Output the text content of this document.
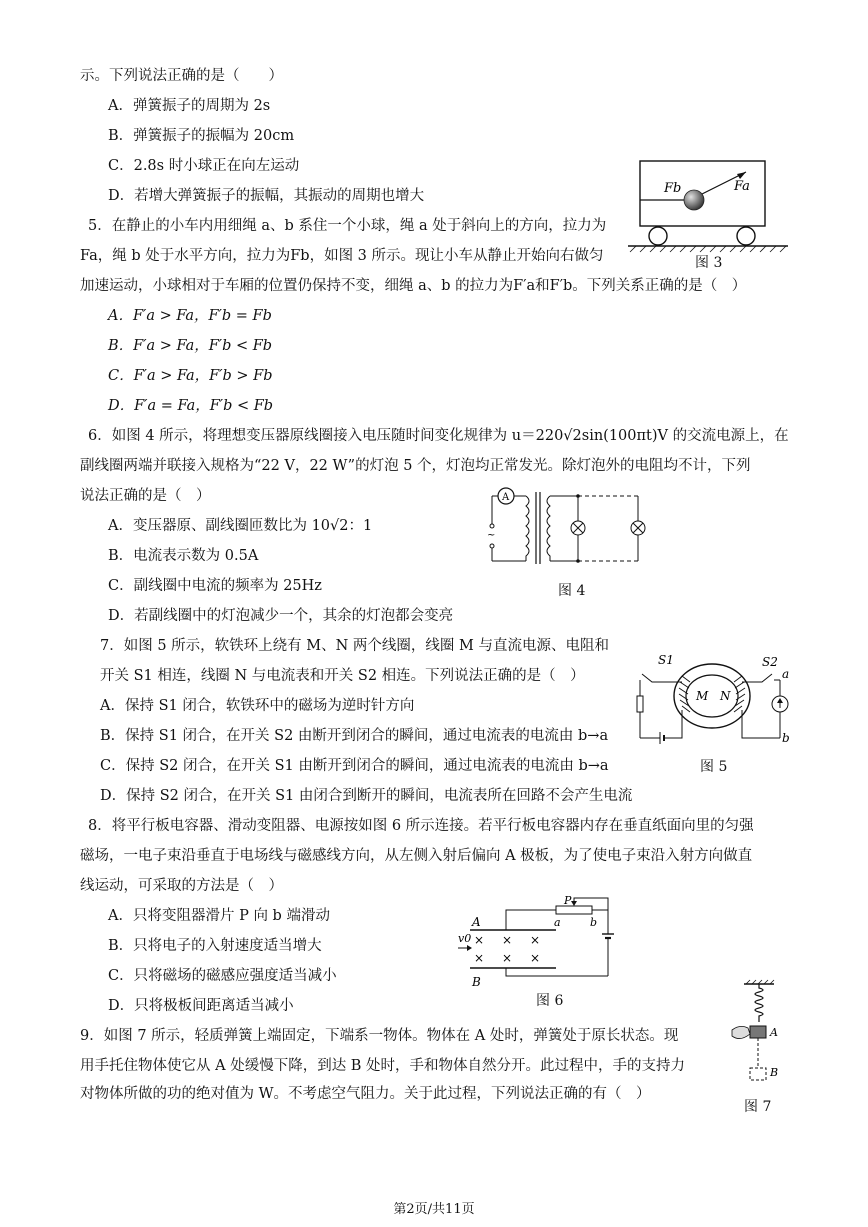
示。下列说法正确的是（　　）
A．弹簧振子的周期为 2s
B．弹簧振子的振幅为 20cm
C．2.8s 时小球正在向左运动
D．若增大弹簧振子的振幅，其振动的周期也增大	Fb	Fa
图 3
5．在静止的小车内用细绳 a、b 系住一个小球，绳 a 处于斜向上的方向，拉力为
Fa，绳 b 处于水平方向，拉力为Fb，如图 3 所示。现让小车从静止开始向右做匀
加速运动，小球相对于车厢的位置仍保持不变，细绳 a、b 的拉力为F′a和F′b。下列关系正确的是（　）
A．F′a > Fa，F′b = Fb
B．F′a > Fa，F′b < Fb
C．F′a > Fa，F′b > Fb
D．F′a = Fa，F′b < Fb
6．如图 4 所示，将理想变压器原线圈接入电压随时间变化规律为 u＝220√2sin(100πt)V 的交流电源上，在
副线圈两端并联接入规格为“22 V，22 W”的灯泡 5 个，灯泡均正常发光。除灯泡外的电阻均不计，下列
说法正确的是（　）
A．变压器原、副线圈匝数比为 10√2：1
B．电流表示数为 0.5A
C．副线圈中电流的频率为 25Hz
D．若副线圈中的灯泡减少一个，其余的灯泡都会变亮
A
~
图 4
7．如图 5 所示，软铁环上绕有 M、N 两个线圈，线圈 M 与直流电源、电阻和
开关 S1 相连，线圈 N 与电流表和开关 S2 相连。下列说法正确的是（　）
A．保持 S1 闭合，软铁环中的磁场为逆时针方向
B．保持 S1 闭合，在开关 S2 由断开到闭合的瞬间，通过电流表的电流由 b→a
C．保持 S2 闭合，在开关 S1 由断开到闭合的瞬间，通过电流表的电流由 b→a
D．保持 S2 闭合，在开关 S1 由闭合到断开的瞬间，电流表所在回路不会产生电流
S1	S2
a
b
M N
图 5
8．将平行板电容器、滑动变阻器、电源按如图 6 所示连接。若平行板电容器内存在垂直纸面向里的匀强
磁场，一电子束沿垂直于电场线与磁感线方向，从左侧入射后偏向 A 极板，为了使电子束沿入射方向做直
线运动，可采取的方法是（　）
A．只将变阻器滑片 P 向 b 端滑动
B．只将电子的入射速度适当增大
C．只将磁场的磁感应强度适当减小
D．只将极板间距离适当减小
A
B
v0 × × ×
× × ×
P
a	b
图 6
9．如图 7 所示，轻质弹簧上端固定，下端系一物体。物体在 A 处时，弹簧处于原长状态。现
用手托住物体使它从 A 处缓慢下降，到达 B 处时，手和物体自然分开。此过程中，手的支持力
对物体所做的功的绝对值为 W。不考虑空气阻力。关于此过程，下列说法正确的有（　）
A
B
图 7
第2页/共11页
